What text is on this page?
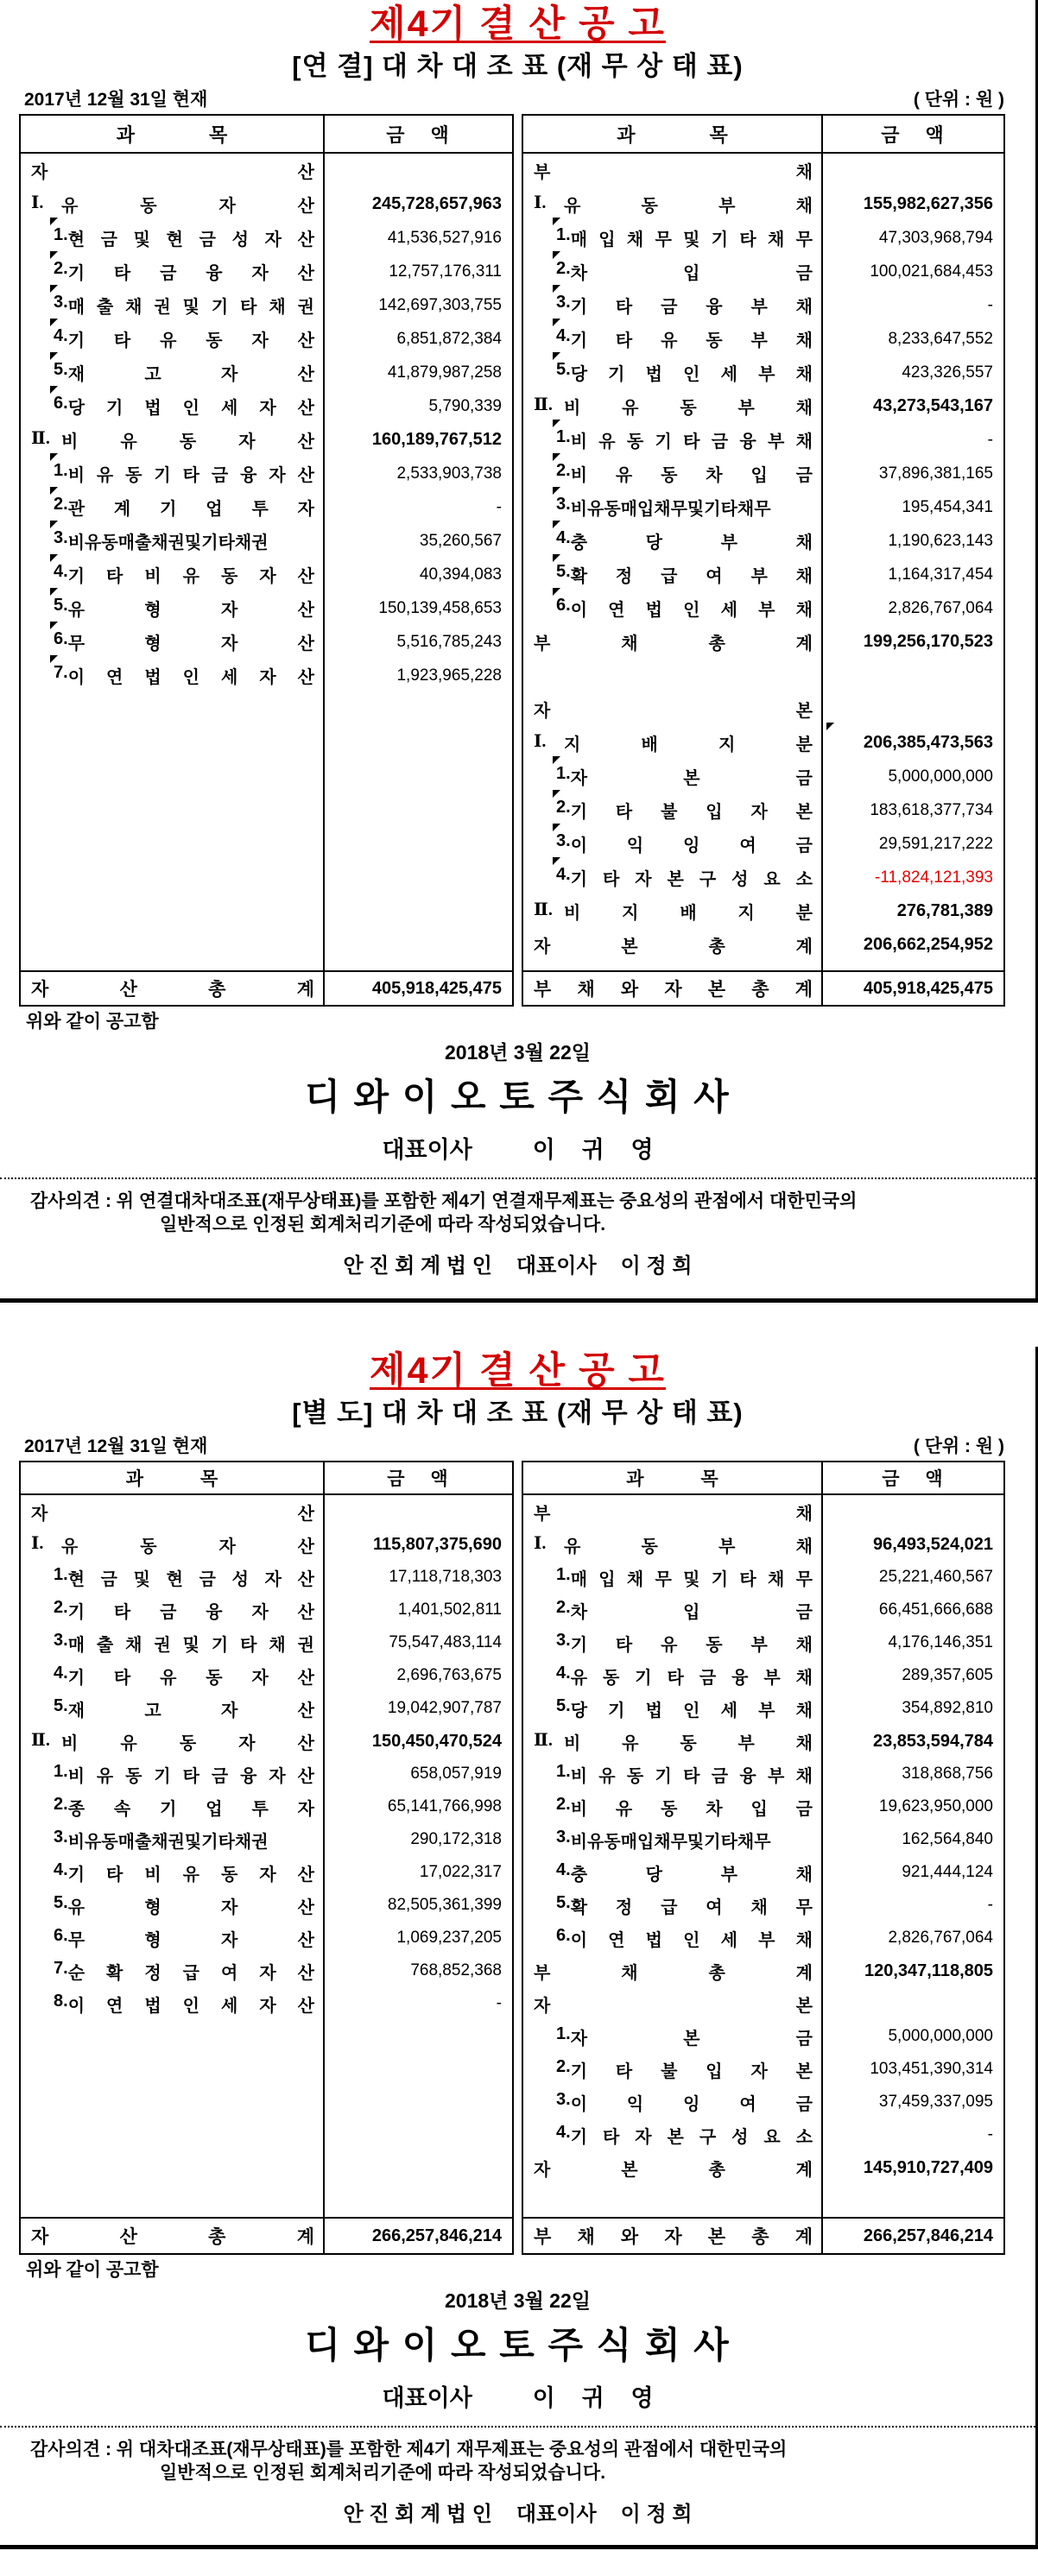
제4기 결 산 공 고
[연 결] 대 차 대 조 표 (재 무 상 태 표)
2017년 12월 31일 현재	( 단위 : 원 )
과 목	금 액
자 산
Ⅰ.	유 동 자 산	245,728,657,963
1. 현 금 및 현 금 성 자 산	41,536,527,916
2. 기 타 금 융 자 산	12,757,176,311
3. 매 출 채 권 및 기 타 채 권	142,697,303,755
4. 기 타 유 동 자 산	6,851,872,384
5. 재 고 자 산	41,879,987,258
6. 당 기 법 인 세 자 산	5,790,339
Ⅱ. 비 유 동 자 산	160,189,767,512
1. 비 유 동 기 타 금 융 자 산	2,533,903,738
2. 관 계 기 업 투 자	-
3. 비유동매출채권및기타채권	35,260,567
4. 기 타 비 유 동 자 산	40,394,083
5. 유 형 자 산	150,139,458,653
6. 무 형 자 산	5,516,785,243
7. 이 연 법 인 세 자 산	1,923,965,228
자 산 총 계	405,918,425,475
과 목	금 액
부 채
Ⅰ.	유 동 부 채	155,982,627,356
1. 매 입 채 무 및 기 타 채 무	47,303,968,794
2. 차 입 금	100,021,684,453
3. 기 타 금 융 부 채	-
4. 기 타 유 동 부 채	8,233,647,552
5. 당 기 법 인 세 부 채	423,326,557
Ⅱ. 비 유 동 부 채	43,273,543,167
1. 비 유 동 기 타 금 융 부 채	-
2. 비 유 동 차 입 금	37,896,381,165
3. 비유동매입채무및기타채무	195,454,341
4. 충 당 부 채	1,190,623,143
5. 확 정 급 여 부 채	1,164,317,454
6. 이 연 법 인 세 부 채	2,826,767,064
부 채 총 계	199,256,170,523
자 본
Ⅰ.	지 배 지 분	206,385,473,563
1. 자 본 금	5,000,000,000
2. 기 타 불 입 자 본	183,618,377,734
3. 이 익 잉 여 금	29,591,217,222
4. 기 타 자 본 구 성 요 소	-11,824,121,393
Ⅱ. 비 지 배 지 분	276,781,389
자 본 총 계	206,662,254,952
부 채 와 자 본 총 계	405,918,425,475
위와 같이 공고함
2018년 3월 22일
디 와 이 오 토 주 식 회 사
대표이사	이 귀 영
감사의견 : 위 연결대차대조표(재무상태표)를 포함한 제4기 연결재무제표는 중요성의 관점에서 대한민국의
일반적으로 인정된 회계처리기준에 따라 작성되었습니다.
안 진 회 계 법 인 대표이사 이 정 희
제4기 결 산 공 고
[별 도] 대 차 대 조 표 (재 무 상 태 표)
2017년 12월 31일 현재	( 단위 : 원 )
과 목	금 액
자 산
Ⅰ.	유 동 자 산	115,807,375,690
1. 현 금 및 현 금 성 자 산	17,118,718,303
2. 기 타 금 융 자 산	1,401,502,811
3. 매 출 채 권 및 기 타 채 권	75,547,483,114
4. 기 타 유 동 자 산	2,696,763,675
5. 재 고 자 산	19,042,907,787
Ⅱ. 비 유 동 자 산	150,450,470,524
1. 비 유 동 기 타 금 융 자 산	658,057,919
2. 종 속 기 업 투 자	65,141,766,998
3. 비유동매출채권및기타채권	290,172,318
4. 기 타 비 유 동 자 산	17,022,317
5. 유 형 자 산	82,505,361,399
6. 무 형 자 산	1,069,237,205
7. 순 확 정 급 여 자 산	768,852,368
8. 이 연 법 인 세 자 산	-
자 산 총 계	266,257,846,214
과 목	금 액
부 채
Ⅰ.	유 동 부 채	96,493,524,021
1. 매 입 채 무 및 기 타 채 무	25,221,460,567
2. 차 입 금	66,451,666,688
3. 기 타 유 동 부 채	4,176,146,351
4. 유 동 기 타 금 융 부 채	289,357,605
5. 당 기 법 인 세 부 채	354,892,810
Ⅱ. 비 유 동 부 채	23,853,594,784
1. 비 유 동 기 타 금 융 부 채	318,868,756
2. 비 유 동 차 입 금	19,623,950,000
3. 비유동매입채무및기타채무	162,564,840
4. 충 당 부 채	921,444,124
5. 확 정 급 여 채 무	-
6. 이 연 법 인 세 부 채	2,826,767,064
부 채 총 계	120,347,118,805
자 본
1. 자 본 금	5,000,000,000
2. 기 타 불 입 자 본	103,451,390,314
3. 이 익 잉 여 금	37,459,337,095
4. 기 타 자 본 구 성 요 소	-
자 본 총 계	145,910,727,409
부 채 와 자 본 총 계	266,257,846,214
위와 같이 공고함
2018년 3월 22일
디 와 이 오 토 주 식 회 사
대표이사	이 귀 영
감사의견 : 위 대차대조표(재무상태표)를 포함한 제4기 재무제표는 중요성의 관점에서 대한민국의
일반적으로 인정된 회계처리기준에 따라 작성되었습니다.
안 진 회 계 법 인 대표이사 이 정 희
